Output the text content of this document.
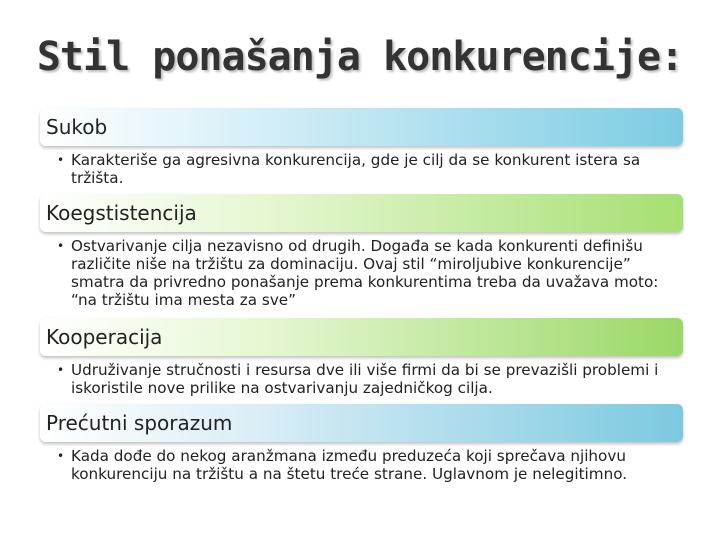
Stil ponašanja konkurencije:
Sukob
• Karakteriše ga agresivna konkurencija, gde je cilj da se konkurent istera sa tržišta.
Koegstistencija
• Ostvarivanje cilja nezavisno od drugih. Događa se kada konkurenti definišu različite niše na tržištu za dominaciju. Ovaj stil “miroljubive konkurencije” smatra da privredno ponašanje prema konkurentima treba da uvažava moto: “na tržištu ima mesta za sve”
Kooperacija
• Udruživanje stručnosti i resursa dve ili više firmi da bi se prevazišli problemi i iskoristile nove prilike na ostvarivanju zajedničkog cilja.
Prećutni sporazum
• Kada dođe do nekog aranžmana između preduzeća koji sprečava njihovu konkurenciju na tržištu a na štetu treće strane. Uglavnom je nelegitimno.
